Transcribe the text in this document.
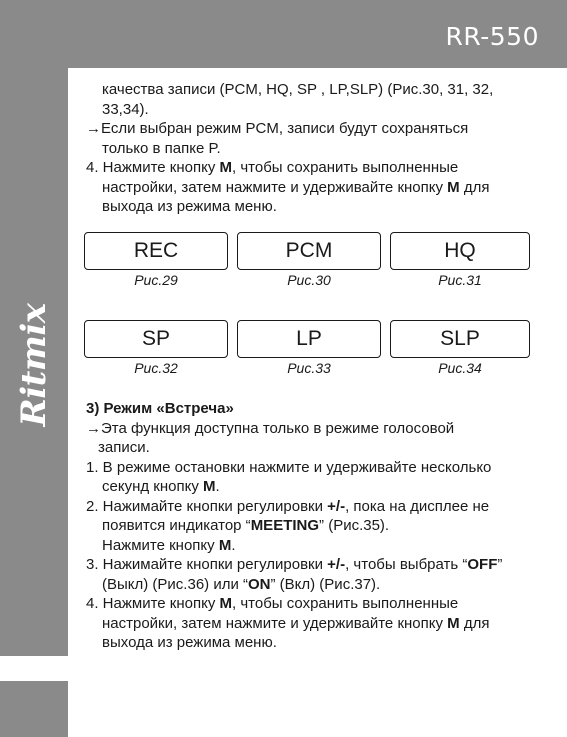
RR-550
Ritmix

качества записи (PCM, HQ, SP , LP,SLP) (Рис.30, 31, 32,

33,34).

→Если выбран режим PCM, записи будут сохраняться

только в папке P.

4. Нажмите кнопку M, чтобы сохранить выполненные

настройки, затем нажмите и удерживайте кнопку M для

выхода из режима меню.

REC
Рис.29
PCM
Рис.30
HQ
Рис.31
SP
Рис.32
LP
Рис.33
SLP
Рис.34

3) Режим «Встреча»

→Эта функция доступна только в режиме голосовой

записи.

1. В режиме остановки нажмите и удерживайте несколько

секунд кнопку M.

2. Нажимайте кнопки регулировки +/-, пока на дисплее не

появится индикатор “MEETING” (Рис.35).

Нажмите кнопку M.

3. Нажимайте кнопки регулировки +/-, чтобы выбрать “OFF”

(Выкл) (Рис.36) или “ON” (Вкл) (Рис.37).

4. Нажмите кнопку M, чтобы сохранить выполненные

настройки, затем нажмите и удерживайте кнопку M для

выхода из режима меню.
